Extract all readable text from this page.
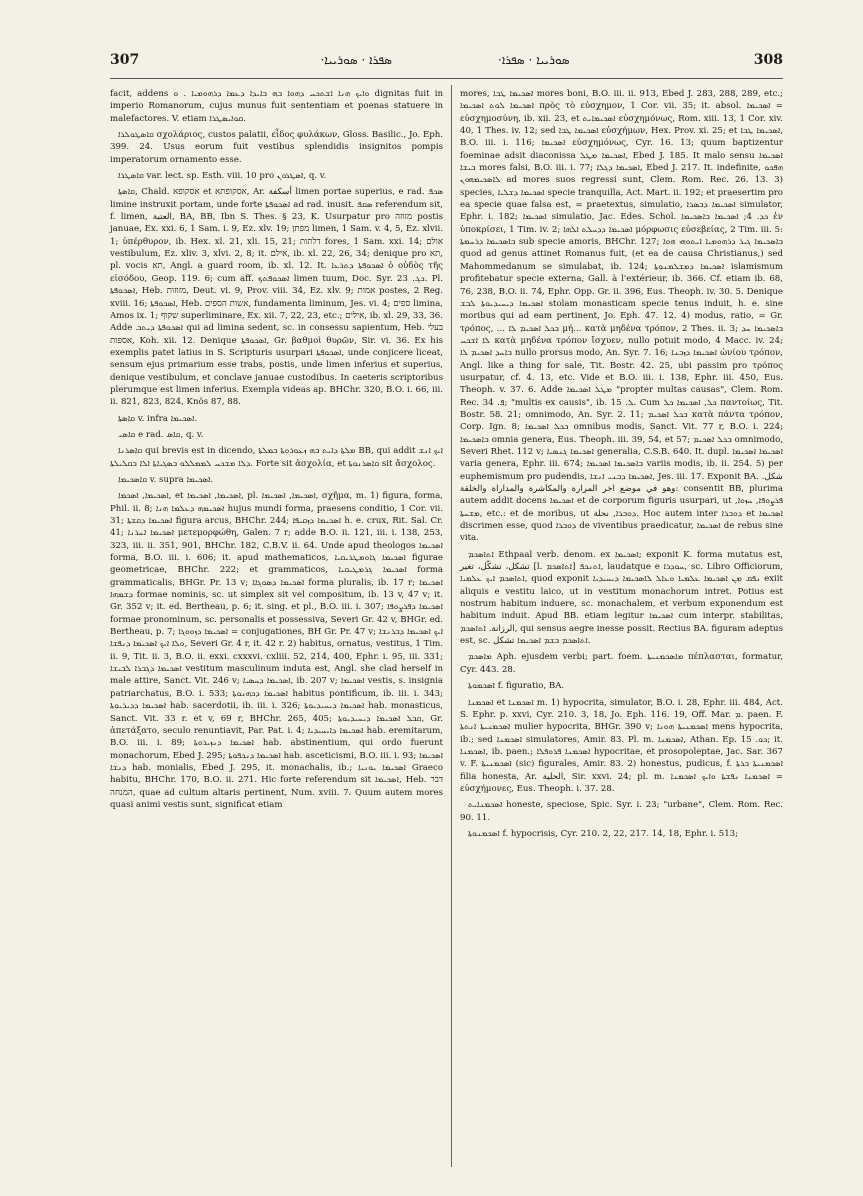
307	·ܣܦܪܐ · ܣܘܪܝܝܐ	·ܣܘܪܝܝܐ · ܣܦܪܐ	308

facit, addens ܘܐܝܟ ܗܢܐ ܐܫܬܟܚ ܕܗܘܐ ܒܗ ܒܐܝܕܐ ܕܥܡܐ ܕܪܗܘܡܝܐ . ܘ dignitas fuit in imperio Romanorum, cujus munus fuit sententiam et poenas statuere in malefactores. V. etiam ܩܘܐܝܣܛܪܐ.

ܩܐܣܛܘܠܪܐ σχολάριος, custos palatii, εἶδος φυλάκων, Gloss. Basilic., Jo. Eph. 399. 24. Usus eorum fuit vestibus splendidis insignitos pompis imperatorum ornamento esse.

ܩܐܣܛܪܐ var. lect. sp. Esth. viii. 10 pro ܐܣܛܪܘܢ, q. v.

ܩܐܣܬܐ, Chald. אסקופא et אסקופתא, Ar. أسكفة limen portae superius, e rad. ܣܟܦ limine instruxit portam, unde forte ܐܣܟܘܦܬܐ ad rad. inusit. ܣܩܦ referendum sit, f. limen, العتبة, BA, BB, Ibn S. Thes. § 23, K. Usurpatur pro מזוזה postis januae, Ex. xxi. 6, 1 Sam. i. 9, Ez. xlv. 19; מפתן limen, 1 Sam. v. 4, 5, Ez. xlvii. 1; ὑπέρθυρον, ib. Hex. xl. 21, xli. 15, 21; דלתות fores, 1 Sam. xxi. 14; אולם vestibulum, Ez. xliv. 3, xlvi. 2, 8; it. אילם, ib. xl. 22, 26, 34; denique pro תא, pl. vocis תא, Angl. a guard room, ib. xl. 12. It. ܐܣܟܘܦܬܐ ܕܬܪܥܐ ὁ οὐδὸς τῆς εἰσόδου, Geop. 119. 6; cum aff. ܐܣܟܘܦܬܟ limen tuum, Doc. Syr. ܟܓ. 23. Pl. ܐܣܟܘܦܬܐ, Heb. מזוזות, Deut. vi. 9, Prov. viii. 34, Ez. xlv. 9; אמות postes, 2 Reg. xviii. 16; ܐܣܟܘܦܬܐ, Heb. אשות הספים, fundamenta liminum, Jes. vi. 4; ספים limina, Amos ix. 1; שקוף superliminare, Ex. xii. 7, 22, 23, etc.; אילים, ib. xl. 29, 33, 36. Adde ܐܣܟܘܦܬܐ ܕܝܬܒ qui ad limina sedent, sc. in consessu sapientum, Heb. בעלי אספות, Koh. xii. 12. Denique ܐܣܟܘܦܬܐ, Gr. βαθμοὶ θυρῶν, Sir. vi. 36. Ex his exemplis patet latius in S. Scripturis usurpari ܐܣܟܘܦܬܐ, unde conjicere liceat, sensum ejus primarium esse trabs, postis, unde limen inferius et superius, denique vestibulum, et conclave januae custodibus. In caeteris scriptoribus plerumque est limen inferius. Exempla videas ap. BHChr. 320, B.O. i. 66, iii. ii. 821, 823, 824, Knös 87, 88.

ܩܐܣܬܐ v. infra ܐܣܟܝܡܐ.

ܩܐܣܝ e rad. ܩܐܣ, q. v.

ܩܐܣܪܢܐ qui brevis est in dicendo, ܡܠܬܐ ܕܐܝܬ ܒܗ ܙܥܘܪܘܬܐ ܒܡܠܬܐ BB, qui addit ܐܝܟ ܐܢܫ ܕܠܐ ܡܫܟܚ ܠܡܡܠܠܘ ܒܣܓܝܐܬܐ ܐܠܐ ܒܩܠܝܠܬܐ. Forte sit ἀσχολία, et ܩܐܣܪܢܘܬܐ sit ἄσχολος.

ܩܐܣܟܝܡܐ v. supra ܐܣܟܝܡܐ.

ܐܣܟܝܡܐ, ܐܣܟܡܐ, et ܐܣܟܝܡܐ, ܐܣܟܝܡܐ, pl. ܐܣܟܝܡܐ, ܐܣܟܝܡܐ, σχῆμα, m. 1) figura, forma, Phil. ii. 8; ܐܣܟܝܡܗ ܕܥܠܡܐ ܗܢܐ hujus mundi forma, praesens conditio, 1 Cor. vii. 31; ܐܣܟܝܡܐ ܕܩܫܬܐ figura arcus, BHChr. 244; ܐܣܟܝܡܐ ܕܙܩܝܦܐ h. e. crux, Rit. Sal. Cr. 41; ܐܣܟܝܡܐ ܐܚܪܢܐ μετεμορφώθη, Galen. 7 r; adde B.O. ii. 121, iii. i. 138, 253, 323, iii. ii. 351, 901, BHChr. 182, C.B.V. ii. 64. Unde apud theologos ܐܣܟܝܡܐ forma, B.O. iii. i. 606; it. apud mathematicos, ܐܣܟܝܡܐ ܓܐܘܡܛܪܝܩܝܐ figurae geometricae, BHChr. 222; et grammaticos, ܐܣܟܝܡܐ ܓܪܡܛܝܩܝܐ forma grammaticalis, BHGr. Pr. 13 v; ܐܣܟܝܡܐ ܕܣܘܓܐܐ forma pluralis, ib. 17 r; ܐܣܟܝܡܐ ܕܫܡܗܐ formae nominis, sc. ut simplex sit vel compositum, ib. 13 v, 47 v; it. Gr. 352 v; it. ed. Bertheau, p. 6; it. sing. et pl., B.O. iii. i. 307; ܐܣܟܝܡܐ ܕܦܪܨܘܦܐ formae pronominum, sc. personalis et possessiva, Severi Gr. 42 v, BHGr. ed. Bertheau, p. 7; ܐܣܟܝܡܐ ܕܙܘܘܓܐ = conjugationes, BH Gr. Pr. 47 v; ܐܝܟ ܐܣܟܝܡܐ ܕܒܪܢܫܐ ܘܠܐ ܐܝܟ ܐܣܟܝܡܐ ܕܢܦܫܐ, Severi Gr. 4 r, it. 42 r. 2) habitus, ornatus, vestitus, 1 Tim. ii. 9, Tit. ii. 3, B.O. ii. exxi. cxxxvi. cxliii. 52, 214, 400, Ephr. i. 95, iii. 331; ܐܣܟܝܡܐ ܕܓܒܪܐ ܠܒܝܫܐ vestitum masculinum induta est, Angl. she clad herself in male attire, Sanct. Vit. 246 v; ܐܣܟܝܡܐ ܕܚܣܝܐ, ib. 207 v; ܐܣܟܝܡܐ vestis, s. insignia patriarchatus, B.O. i. 533; ܐܣܟܝܡܐ ܕܟܗܢܘܬܐ habitus pontificum, ib. iii. i. 343; ܐܣܟܝܡܐ ܕܕܝܪܝܘܬܐ hab. sacerdotii, ib. iii. i. 326; ܐܣܟܝܡܐ ܕܝܚܝܕܝܘܬܐ hab. monasticus, Sanct. Vit. 33 r. et v, 69 r, BHChr. 265, 405; ܩܒܠ ܐܣܟܝܡܐ ܕܝܚܝܕܝܘܬܐ, Gr. ἀπετάξατο, seculo renuntiavit, Par. Pat. i. 4; ܐܣܟܝܡܐ ܕܐܝܚܝܕܝܐ hab. eremitarum, B.O. iii. i. 89; ܐܣܟܝܡܐ ܕܢܙܝܪܘܬܐ hab. abstinentium, qui ordo fuerunt monachorum, Ebed J. 295; ܐܣܟܝܡܐ ܕܢܟܦܘܬܐ hab. asceticismi, B.O. iii. i. 93; ܐܣܟܝܡܐ ܕܢܫܐ hab. monialis, Ebed J. 295, it. monachalis, ib.; ܐܣܟܝܡܐ ܝܘܢܝܐ Graeco habitu, BHChr. 170, B.O. ii. 271. Hic forte referendum sit ܐܣܟܝܡܐ, Heb. דבר המנחה, quae ad cultum altaris pertinent, Num. xviii. 7. Quum autem mores quasi animi vestis sunt, significat etiam

mores, ܐܣܟܝܡܐ ܛܒܐ mores boni, B.O. iii. ii. 913, Ebed J. 283, 288, 289, etc.; ܐܣܟܝܡܐ ܠܘܬ ܐܣܟܝܡܐ πρὸς τὸ εὐσχημον, 1 Cor. vii. 35; it. absol. ܐܣܟܝܡܐ = εὐσχημοσύνη, ib. xii. 23, et ܐܣܟܝܡܐܝܬ εὐσχημόνως, Rom. xiii. 13, 1 Cor. xiv. 40, 1 Thes. iv. 12; sed ܐܣܟܝܡܐ ܛܒܐ εὐσχήμων, Hex. Prov. xi. 25; et ܐܣܟܝܡܐ ܛܒܐ, B.O. iii. i. 116; ܐܣܟܝܡܐ εὐσχημόνως, Cyr. 16. 13; quum baptizentur foeminae adsit diaconissa ܐܣܟܝܡܐ ܡܛܠ, Ebed J. 185. It malo sensu ܐܣܟܝܡܐ ܒܝܫܐ mores falsi, B.O. iii. i. 77; ܐܣܟܝܡܐ ܕܓܠܐ, Ebed J. 217. It. indefinite, ܗܦܟܘ ܠܐܣܟܝܡܗܘܢ ad mores suos regressi sunt, Clem. Rom. Rec. 26. 13. 3) species, ܐܣܟܝܡܐ ܕܫܠܝܐ specie tranquilla, Act. Mart. ii. 192; et praesertim pro ea specie quae falsa est, = praetextus, simulatio, ܐܣܟܝܡܐ ܕܒܣܪܐ simulator, Ephr. i. 182; ܐܣܟܝܡܐ simulatio, Jac. Edes. Schol. ܟܕ. 4; ܐܣܟܝܡܐ ܒܐܣܟܝܡܐ ἐν ὑποκρίσει, 1 Tim. iv. 2; ܐܣܟܝܡܐ ܕܕܚܠܬ ܐܠܗܐ μόρφωσις εὐσεβείας, 2 Tim. iii. 5: ܒܐܣܟܝܡܐ ܕܪܚܡܬܐ sub specie amoris, BHChr. 127; ܒܐܣܟܝܡܐ ܓܝܪ ܕܪܗܘܡܝܐ ܐܝܬܘܗܝ ܗܘܐ quod ad genus attinet Romanus fuit, (et ea de causa Christianus,) sed Mahommedanum se simulabat, ib. 124; ܐܣܟܝܡܐ ܕܡܫܠܡܢܘܬܐ islamismum profitebatur specie externa, Gall. à l'extérieur, ib. 366. Cf. etiam ib. 68, 76, 238, B.O. ii. 74, Ephr. Opp. Gr. ii. 396, Eus. Theoph. iv. 30. 5. Denique ܐܣܟܝܡܐ ܕܝܚܝܕܝܘܬܐ ܠܒܫ stolam monasticam specie tenus induit, h. e. sine moribus qui ad eam pertinent, Jo. Eph. 47. 12. 4) modus, ratio, = Gr. τρόπος, ... ܒܟܠ ܐܣܟܝܡ ܠܐ μή... κατὰ μηδένα τρόπον, 2 Thes. ii. 3; ܒܐܣܟܝܡܐ ܚܕ ܠܐ ܐܫܟܚ κατὰ μηδένα τρόπον ἴσχυεν, nullo potuit modo, 4 Macc. iv. 24; ܒܐܚܕ ܐܣܟܝܡ ܠܐ nullo prorsus modo, An. Syr. 7. 16; ܐܣܟܝܡܐ ܕܙܒܢܐ ὠνίου τρόπον, Angl. like a thing for sale, Tit. Bostr. 42. 25, ubi passim pro τρόπος usurpatur, cf. 4. 13, etc. Vide et B.O. iii. i. 138, Ephr. iii. 450, Eus. Theoph. v. 37. 6. Adde ܡܛܠ ܐܣܟܝܡܐ "propter multas causas", Clem. Rom. Rec. ܦ. 34; "multis ex causis", ib. ܠ. 15. Cum ܟܠ, ܐܣܟܝܡܐ ܟܠ παντοίως, Tit. Bostr. 58. 21; omnimodo, An. Syr. 2. 11; ܒܟܠ ܐܣܟܝܡ κατὰ πάντα τρόπον, Corp. Ign. 8; ܒܟܠ ܐܣܟܝܡܐ omnibus modis, Sanct. Vit. 77 r, B.O. i. 224; ܒܐܣܟܝܡܐ omnia genera, Eus. Theoph. iii. 39, 54, et 57; ܒܟܠ ܐܣܟܝܡ omnimodo, Severi Rhet. 112 v; ܐܣܟܝܡܐ ܓܢܣܝܐ generalia, C.S.B. 640. It. dupl. ܐܣܟܝܡܐ ܐܣܟܝܡܐ varia genera, Ephr. iii. 674; ܒܐܣܟܝܡܐ ܐܣܟܝܡܐ variis modis, ib. ii. 254. 5) per euphemismum pro pudendis, ܐܣܟܝܡܐ ܕܒܢܝ ܐܢܫܐ, Jes. iii. 17. Exponit BA. شكل. وهو في موضع اخر المرارة والمكاشرة والمداراة والخلقة: consentit BB, plurima autem addit docens ܐܣܟܝܡܐ et de corporum figuris usurpari, ut ܦܪܨܘܦܐ, ܚܙܘܐ, ܡܫܚܬܐ, etc.: et de moribus, ut ܕܘܒܪܐ, نحلة. Hoc autem inter ܕܘܒܪܐ et ܐܣܟܝܡܐ discrimen esse, quod ܕܘܒܪܐ de viventibus praedicatur, ܐܣܟܝܡܐ de rebus sine vita.

ܐܬܐܣܟܡ Ethpaal verb. denom. ex ܐܣܟܝܡܐ; exponit K. forma mutatus est, تشكل، تشكّل، تغير [l. ܐܬܐܣܟܡ] ܐܬܢܟܦ, laudatque e ܚܘܕܪܐ, sc. Libro Officiorum, ܐܬܐܣܟܡ ܐܝܟ ܥܠܡܝܐ, quod exponit ܢܦܩ ܡܢ ܐܣܟܝܡܐ ܥܠܡܝܐ ܘܥܐܠ ܠܐܣܟܝܡܐ ܕܝܚܝܕܝܐ exiit aliquis e vestitu laico, ut in vestitum monachorum intret. Potius est nostrum habitum induere, sc. monachalem, et verbum exponendum est habitum induit. Apud BB. etiam legitur ܐܣܟܝܡܐ cum interpr. stabilitas, الرزانة. ܐܬܐܣܟܡ, qui sensus aegre inesse possit. Rectius BA. figuram adeptus est, sc. ܐܬܐܣܟܡ ܒܫܡ ܐܣܟܝܡܐ تشكل.

ܡܐܣܟܡ Aph. ejusdem verbi; part. foem. ܡܐܣܟܡܢܝܬܐ πέπλασται, formatur, Cyr. 443. 28.

ܐܣܟܡܘܬܐ f. figuratio, BA.

ܐܣܟܡܢܐ et ܐܣܟܡܢܐ m. 1) hypocrita, simulator, B.O. i. 28, Ephr. iii. 484, Act. S. Ephr. p. xxvi, Cyr. 210. 3, 18, Jo. Eph. 116. 19, Off. Mar. ܡ. paen. F. ܐܣܟܡܢܝܬܐ ܐܢܬܬܐ mulier hypocrita, BHGr. 390 v; ܐܣܟܡܢܝܬܐ ܗܘܢܐ mens hypocrita, ib.; sed ܐܣܟܡܢܐ simulatores, Amir. 83. Pl. m. ܐܣܟܡܢܐ, Athan. Ep. ܟܘ. 15; it. ܐܣܟܡܢܐ, ib. paen.; ܐܣܟܡܢܐ ܦܪܘܦܠܐ hypocritae, et prosopoleptae, Jac. Sar. 367 v. F. ܐܣܟܡܢܝܬܐ (sic) figurales, Amir. 83. 2) honestus, pudicus, f. ܐܣܟܡܢܝܬܐ ܒܪܬܐ filia honesta, Ar. الحلية, Sir. xxvi. 24; pl. m. ܐܣܟܡܢܐ ܢܦܫܬܐ ܘܐܝܟ ܐܣܟܡܢܐ = εὐσχήμονες, Eus. Theoph. i. 37. 28.

ܐܣܟܡܢܐܝܬ honeste, speciose, Spic. Syr. i. 23; "urbane", Clem. Rom. Rec. 90. 11.

ܐܣܟܡܢܘܬܐ f. hypocrisis, Cyr. 210. 2, 22, 217. 14, 18, Ephr. i. 513;
